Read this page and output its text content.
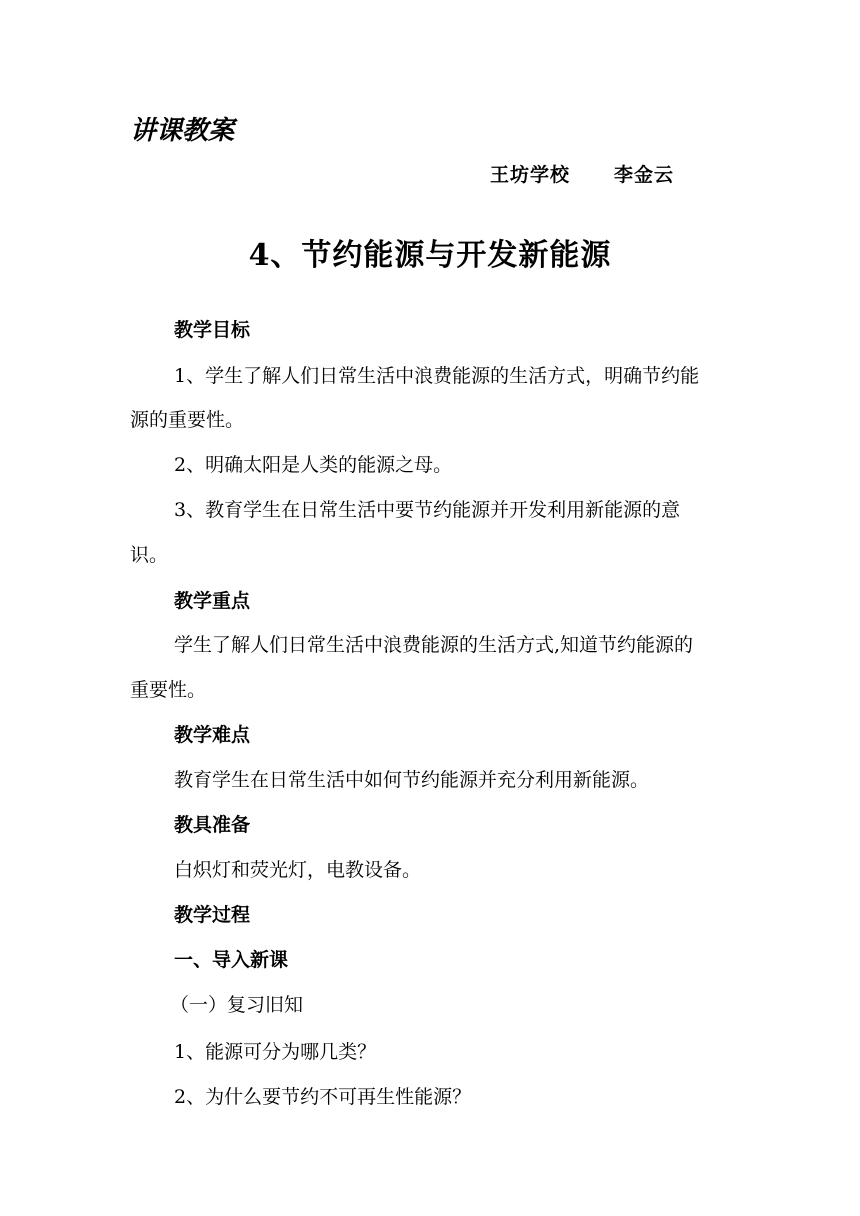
讲课教案
王坊学校 李金云
4、节约能源与开发新能源
教学目标
1、学生了解人们日常生活中浪费能源的生活方式，明确节约能
源的重要性。
2、明确太阳是人类的能源之母。
3、教育学生在日常生活中要节约能源并开发利用新能源的意
识。
教学重点
学生了解人们日常生活中浪费能源的生活方式,知道节约能源的
重要性。
教学难点
教育学生在日常生活中如何节约能源并充分利用新能源。
教具准备
白炽灯和荧光灯，电教设备。
教学过程
一、导入新课
（一）复习旧知
1、能源可分为哪几类？
2、为什么要节约不可再生性能源？
